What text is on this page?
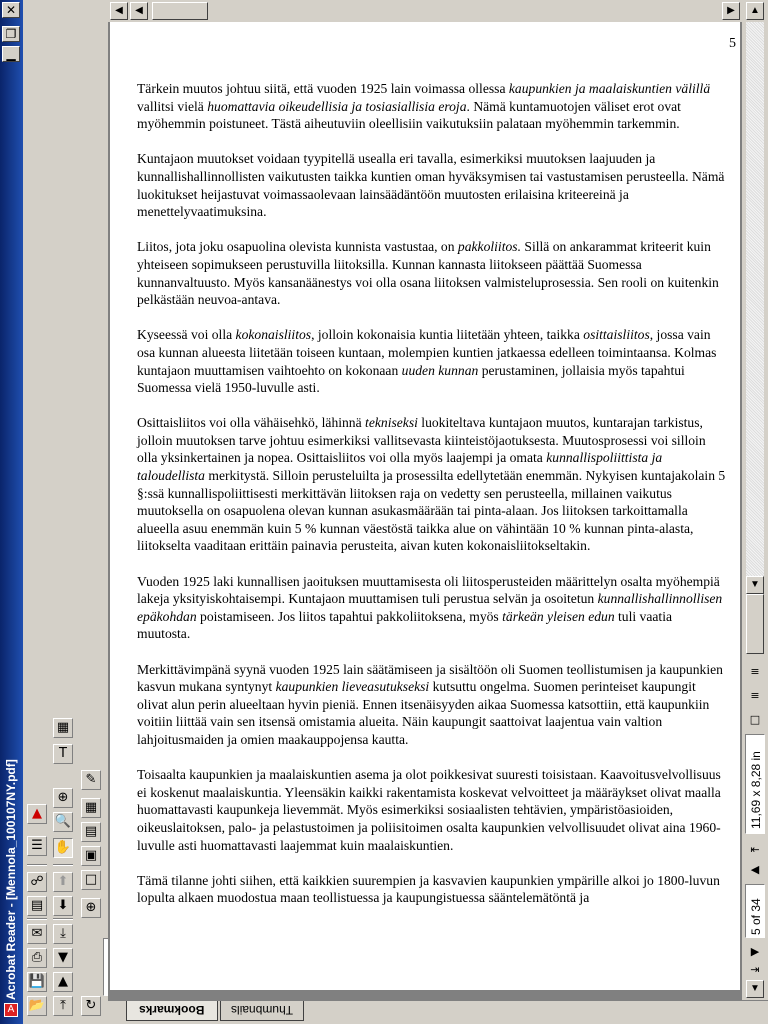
✕
❐
▁
Acrobat Reader - [Mennola_100107NY.pdf]
A 📂
💾
⎙
✉
▤
☍
☰
▲
⤒
▲
▼
⤓
⬇
⬆
✋
🔍
⊕
T
▦
↻
⊕
□
▣
▤
▦
✎
◀	◀	▶
5

Tärkein muutos johtuu siitä, että vuoden 1925 lain voimassa ollessa kaupunkien ja maalaiskuntien välillä vallitsi vielä huomattavia oikeudellisia ja tosiasiallisia eroja. Nämä kuntamuotojen väliset erot ovat myöhemmin poistuneet. Tästä aiheutuviin oleellisiin vaikutuksiin palataan myöhemmin tarkemmin.

Kuntajaon muutokset voidaan tyypitellä usealla eri tavalla, esimerkiksi muutoksen laajuuden ja kunnallishallinnollisten vaikutusten taikka kuntien oman hyväksymisen tai vastustamisen perusteella. Nämä luokitukset heijastuvat voimassaolevaan lainsäädäntöön muutosten erilaisina kriteereinä ja menettelyvaatimuksina.

Liitos, jota joku osapuolina olevista kunnista vastustaa, on pakkoliitos. Sillä on ankarammat kriteerit kuin yhteiseen sopimukseen perustuvilla liitoksilla. Kunnan kannasta liitokseen päättää Suomessa kunnanvaltuusto. Myös kansanäänestys voi olla osana liitoksen valmisteluprosessia. Sen rooli on kuitenkin pelkästään neuvoa-antava.

Kyseessä voi olla kokonaisliitos, jolloin kokonaisia kuntia liitetään yhteen, taikka osittaisliitos, jossa vain osa kunnan alueesta liitetään toiseen kuntaan, molempien kuntien jatkaessa edelleen toimintaansa. Kolmas kuntajaon muuttamisen vaihtoehto on kokonaan uuden kunnan perustaminen, jollaisia myös tapahtui Suomessa vielä 1950-luvulle asti.

Osittaisliitos voi olla vähäisehkö, lähinnä tekniseksi luokiteltava kuntajaon muutos, kuntarajan tarkistus, jolloin muutoksen tarve johtuu esimerkiksi vallitsevasta kiinteistöjaotuksesta. Muutosprosessi voi silloin olla yksinkertainen ja nopea. Osittaisliitos voi olla myös laajempi ja omata kunnallispoliittista ja taloudellista merkitystä. Silloin perusteluilta ja prosessilta edellytetään enemmän. Nykyisen kuntajakolain 5 §:ssä kunnallispoliittisesti merkittävän liitoksen raja on vedetty sen perusteella, millainen vaikutus muutoksella on osapuolena olevan kunnan asukasmäärään tai pinta-alaan. Jos liitoksen tarkoittamalla alueella asuu enemmän kuin 5 % kunnan väestöstä taikka alue on vähintään 10 % kunnan pinta-alasta, liitokselta vaaditaan erittäin painavia perusteita, aivan kuten kokonaisliitokseltakin.

Vuoden 1925 laki kunnallisen jaoituksen muuttamisesta oli liitosperusteiden määrittelyn osalta myöhempiä lakeja yksityiskohtaisempi. Kuntajaon muuttamisen tuli perustua selvän ja osoitetun kunnallishallinnollisen epäkohdan poistamiseen. Jos liitos tapahtui pakkoliitoksena, myös tärkeän yleisen edun tuli vaatia muutosta.

Merkittävimpänä syynä vuoden 1925 lain säätämiseen ja sisältöön oli Suomen teollistumisen ja kaupunkien kasvun mukana syntynyt kaupunkien lieveasutukseksi kutsuttu ongelma. Suomen perinteiset kaupungit olivat alun perin alueeltaan hyvin pieniä. Ennen itsenäisyyden aikaa Suomessa katsottiin, että kaupunkiin voitiin liittää vain sen itsensä omistamia alueita. Näin kaupungit saattoivat laajentua vain valtion lahjoitusmaiden ja omien maakauppojensa kautta.

Toisaalta kaupunkien ja maalaiskuntien asema ja olot poikkesivat suuresti toisistaan. Kaavoitusvelvollisuus ei koskenut maalaiskuntia. Yleensäkin kaikki rakentamista koskevat velvoitteet ja määräykset olivat maalla huomattavasti kaupunkeja lievemmät. Myös esimerkiksi sosiaalisten tehtävien, ympäristöasioiden, oikeuslaitoksen, palo- ja pelastustoimen ja poliisitoimen osalta kaupunkien velvollisuudet olivat aina 1960-luvulle asti huomattavasti laajemmat kuin maalaiskuntien.

Tämä tilanne johti siihen, että kaikkien suurempien ja kasvavien kaupunkien ympärille alkoi jo 1800-luvun lopulta alkaen muodostua maan teollistuessa ja kaupungistuessa sääntelemätöntä ja

▲
▼
≡
≡
□
11,69 x 8,28 in
⇤
◀
5 of 34
▶
⇥
▼
Bookmarks	Thumbnails
